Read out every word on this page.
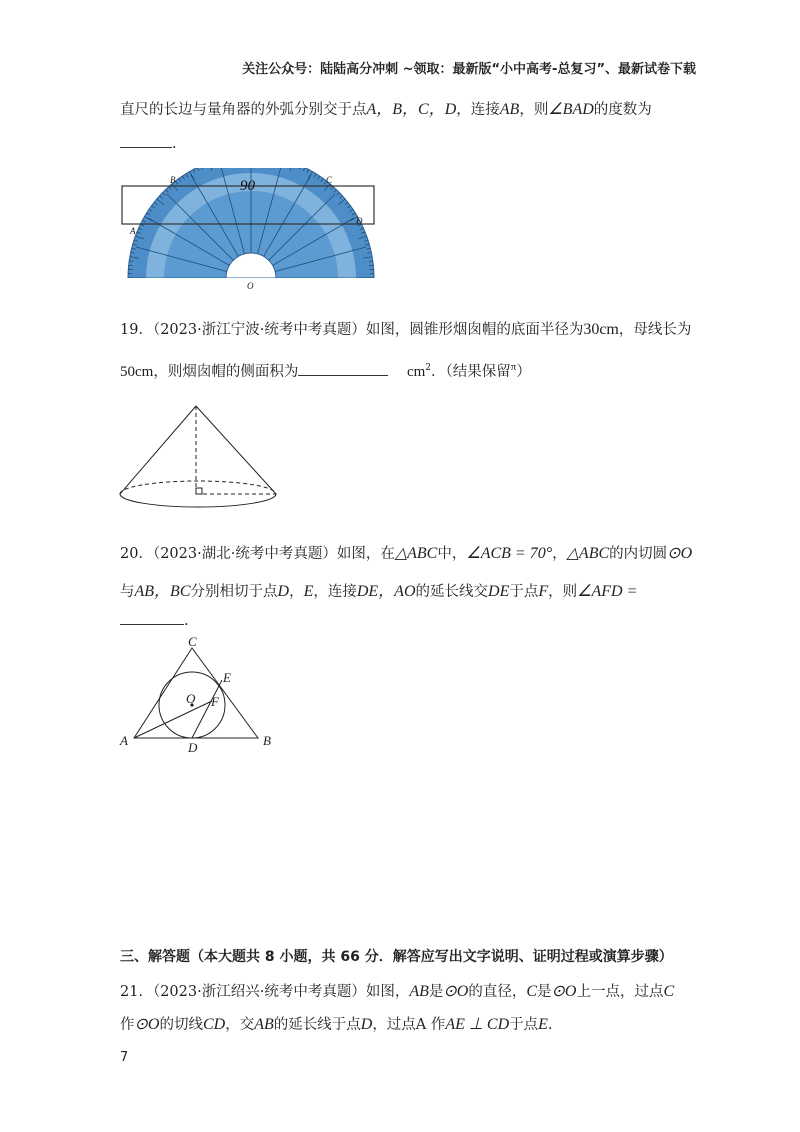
关注公众号：陆陆高分冲刺 ~领取：最新版“小中高考-总复习”、最新试卷下载
直尺的长边与量角器的外弧分别交于点A，B，C，D，连接AB，则∠BAD的度数为
.
90
B	C
D
A
O
19．（2023·浙江宁波·统考中考真题）如图，圆锥形烟囱帽的底面半径为30cm，母线长为
50cm，则烟囱帽的侧面积为	$cm^2$．（结果保留$^\pi$）
20．（2023·湖北·统考中考真题）如图，在△ABC中，∠ACB = 70°，△ABC的内切圆⊙O
与AB，BC分别相切于点D，E，连接DE，AO的延长线交DE于点F，则∠AFD =
.
C
E
O F
A	D	B
三、解答题（本大题共 8 小题，共 66 分．解答应写出文字说明、证明过程或演算步骤）
21．（2023·浙江绍兴·统考中考真题）如图，AB是⊙O的直径，C是⊙O上一点，过点C
作⊙O的切线CD，交AB的延长线于点D，过点A 作AE ⊥ CD于点E.
7
